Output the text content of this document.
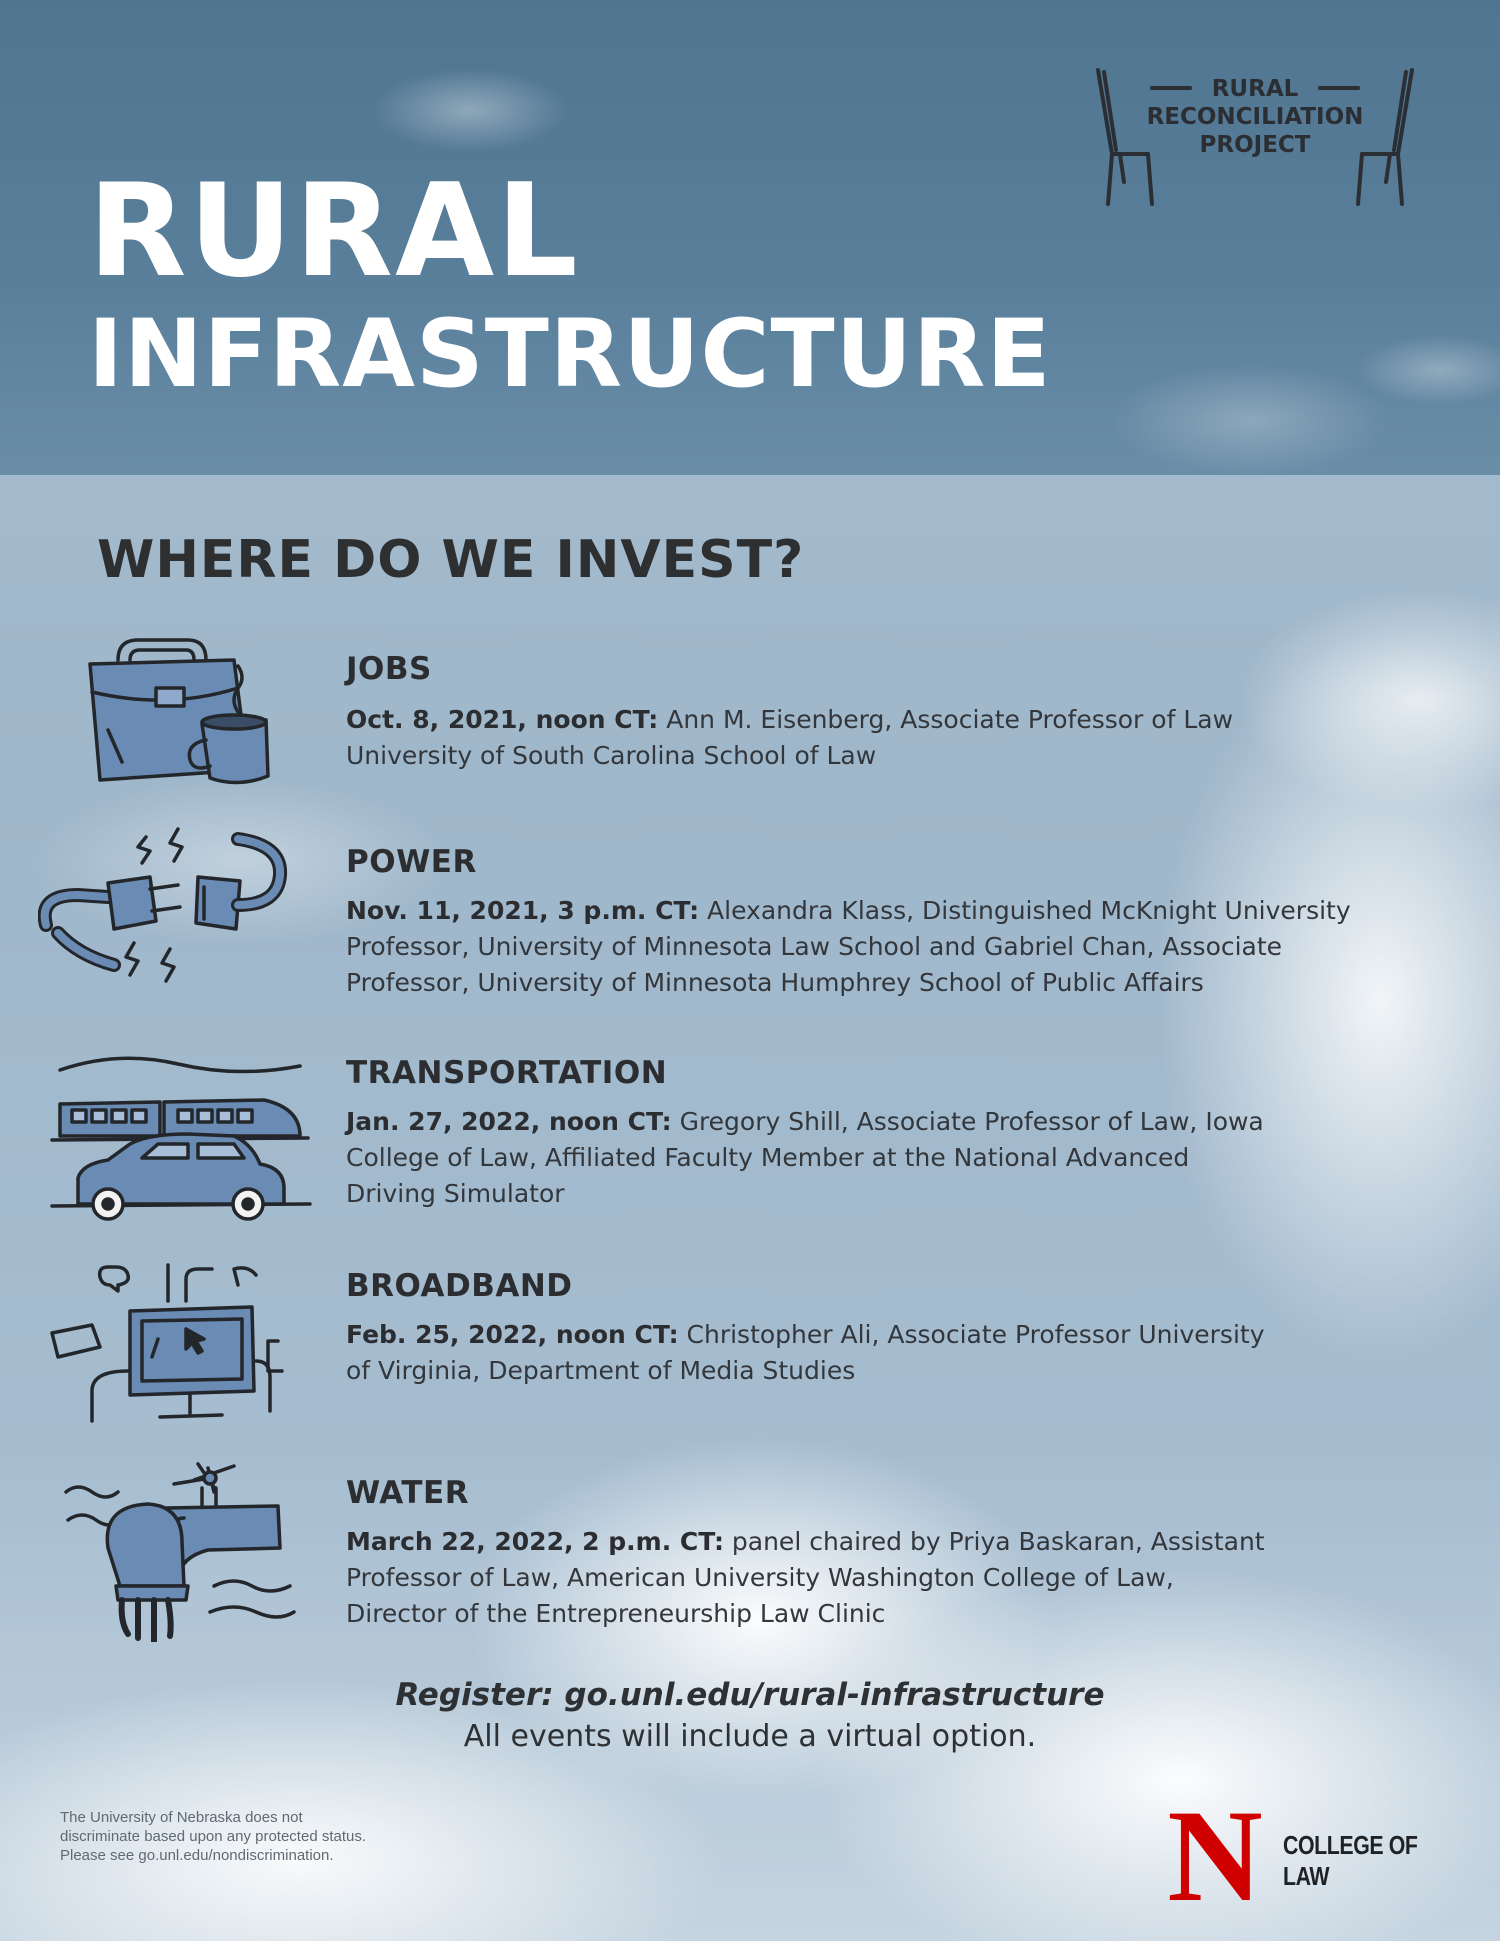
RURAL
INFRASTRUCTURE
RURAL
RECONCILIATION
PROJECT
WHERE DO WE INVEST?
JOBS

Oct. 8, 2021, noon CT: Ann M. Eisenberg, Associate Professor of Law
University of South Carolina School of Law

POWER

Nov. 11, 2021, 3 p.m. CT: Alexandra Klass, Distinguished McKnight University
Professor, University of Minnesota Law School and Gabriel Chan, Associate
Professor, University of Minnesota Humphrey School of Public Affairs

TRANSPORTATION

Jan. 27, 2022, noon CT: Gregory Shill, Associate Professor of Law, Iowa
College of Law, Affiliated Faculty Member at the National Advanced
Driving Simulator

BROADBAND

Feb. 25, 2022, noon CT: Christopher Ali, Associate Professor University
of Virginia, Department of Media Studies

WATER

March 22, 2022, 2 p.m. CT: panel chaired by Priya Baskaran, Assistant
Professor of Law, American University Washington College of Law,
Director of the Entrepreneurship Law Clinic

Register: go.unl.edu/rural-infrastructure
All events will include a virtual option.
The University of Nebraska does not
discriminate based upon any protected status.
Please see go.unl.edu/nondiscrimination.	N COLLEGE OF LAW
